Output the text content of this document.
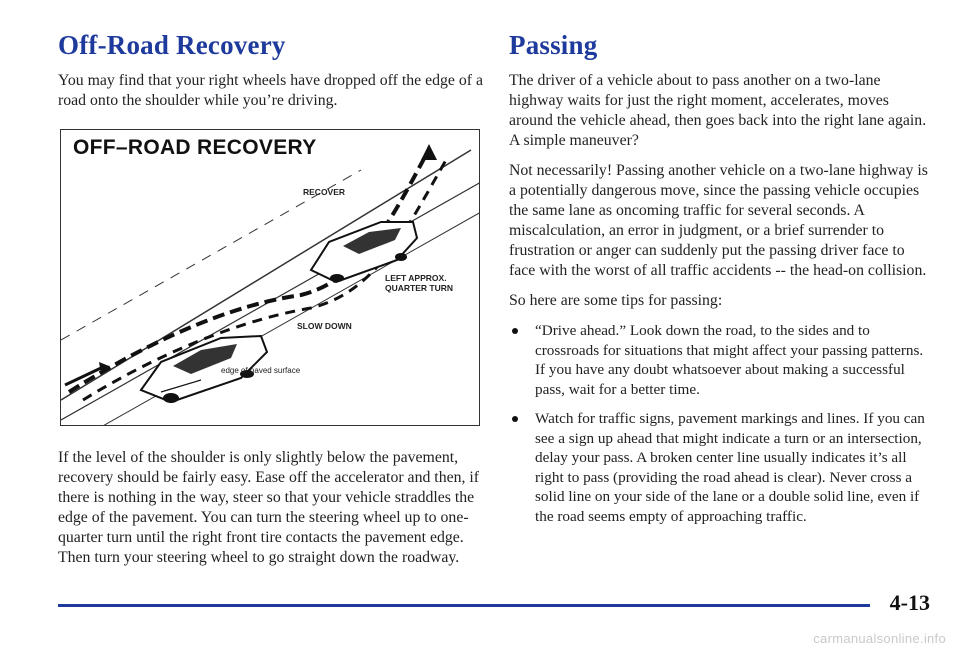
Off-Road Recovery

You may find that your right wheels have dropped off the edge of a road onto the shoulder while you’re driving.

OFF–ROAD RECOVERY
RECOVER
LEFT APPROX.
QUARTER TURN
SLOW DOWN
edge of paved surface

If the level of the shoulder is only slightly below the pavement, recovery should be fairly easy. Ease off the accelerator and then, if there is nothing in the way, steer so that your vehicle straddles the edge of the pavement. You can turn the steering wheel up to one-quarter turn until the right front tire contacts the pavement edge. Then turn your steering wheel to go straight down the roadway.

Passing

The driver of a vehicle about to pass another on a two-lane highway waits for just the right moment, accelerates, moves around the vehicle ahead, then goes back into the right lane again. A simple maneuver?

Not necessarily! Passing another vehicle on a two-lane highway is a potentially dangerous move, since the passing vehicle occupies the same lane as oncoming traffic for several seconds. A miscalculation, an error in judgment, or a brief surrender to frustration or anger can suddenly put the passing driver face to face with the worst of all traffic accidents -- the head-on collision.

So here are some tips for passing:

“Drive ahead.” Look down the road, to the sides and to crossroads for situations that might affect your passing patterns. If you have any doubt whatsoever about making a successful pass, wait for a better time.
Watch for traffic signs, pavement markings and lines. If you can see a sign up ahead that might indicate a turn or an intersection, delay your pass. A broken center line usually indicates it’s all right to pass (providing the road ahead is clear). Never cross a solid line on your side of the lane or a double solid line, even if the road seems empty of approaching traffic.
4-13
carmanualsonline.info
